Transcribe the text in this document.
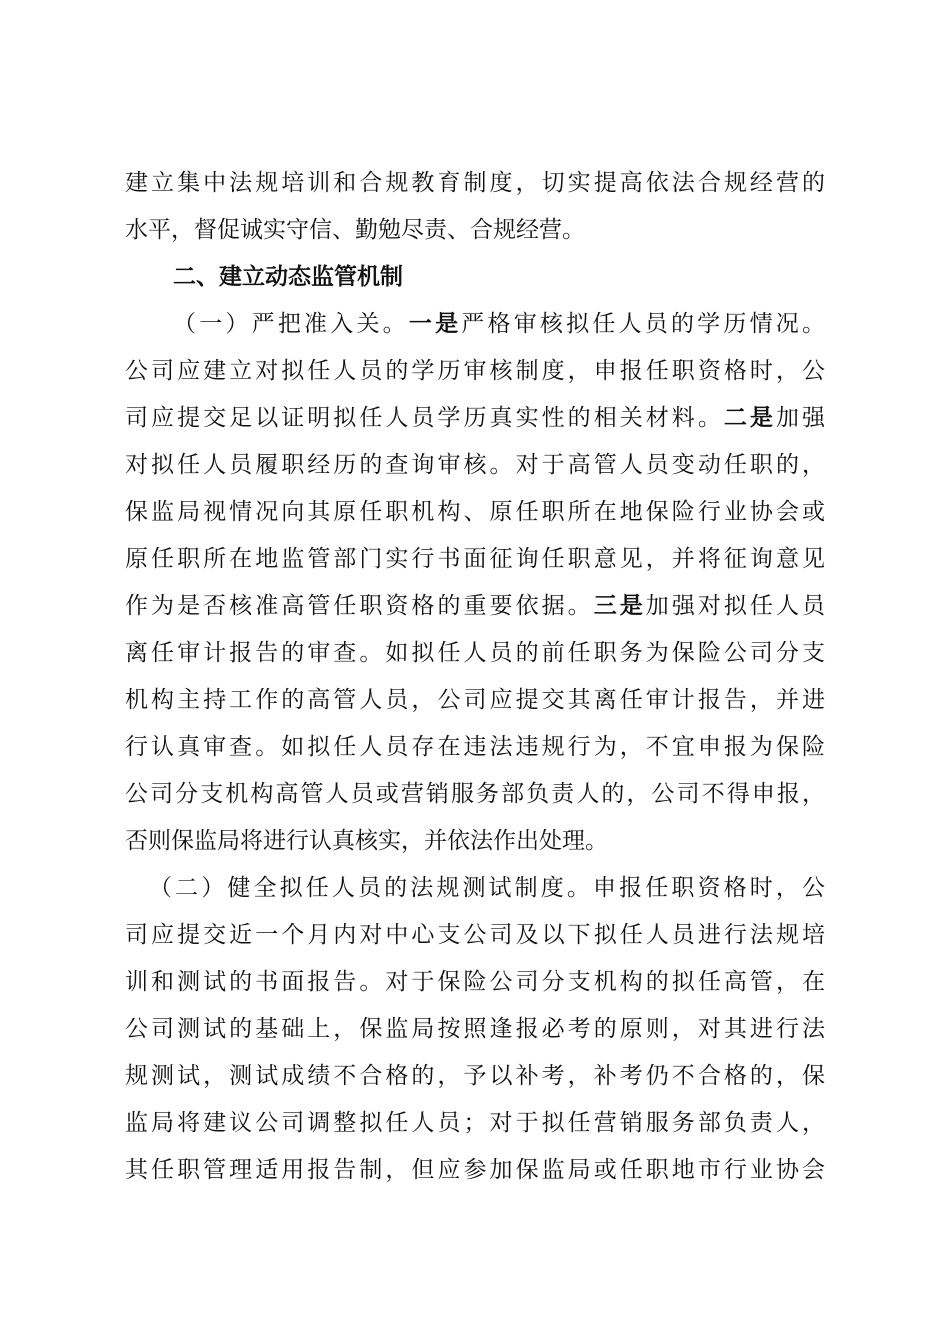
建立集中法规培训和合规教育制度，切实提高依法合规经营的
水平，督促诚实守信、勤勉尽责、合规经营。
二、建立动态监管机制
（一）严把准入关。一是严格审核拟任人员的学历情况。
公司应建立对拟任人员的学历审核制度，申报任职资格时，公
司应提交足以证明拟任人员学历真实性的相关材料。二是加强
对拟任人员履职经历的查询审核。对于高管人员变动任职的，
保监局视情况向其原任职机构、原任职所在地保险行业协会或
原任职所在地监管部门实行书面征询任职意见，并将征询意见
作为是否核准高管任职资格的重要依据。三是加强对拟任人员
离任审计报告的审查。如拟任人员的前任职务为保险公司分支
机构主持工作的高管人员，公司应提交其离任审计报告，并进
行认真审查。如拟任人员存在违法违规行为，不宜申报为保险
公司分支机构高管人员或营销服务部负责人的，公司不得申报，
否则保监局将进行认真核实，并依法作出处理。
（二）健全拟任人员的法规测试制度。申报任职资格时，公
司应提交近一个月内对中心支公司及以下拟任人员进行法规培
训和测试的书面报告。对于保险公司分支机构的拟任高管，在
公司测试的基础上，保监局按照逢报必考的原则，对其进行法
规测试，测试成绩不合格的，予以补考，补考仍不合格的，保
监局将建议公司调整拟任人员；对于拟任营销服务部负责人，
其任职管理适用报告制，但应参加保监局或任职地市行业协会
